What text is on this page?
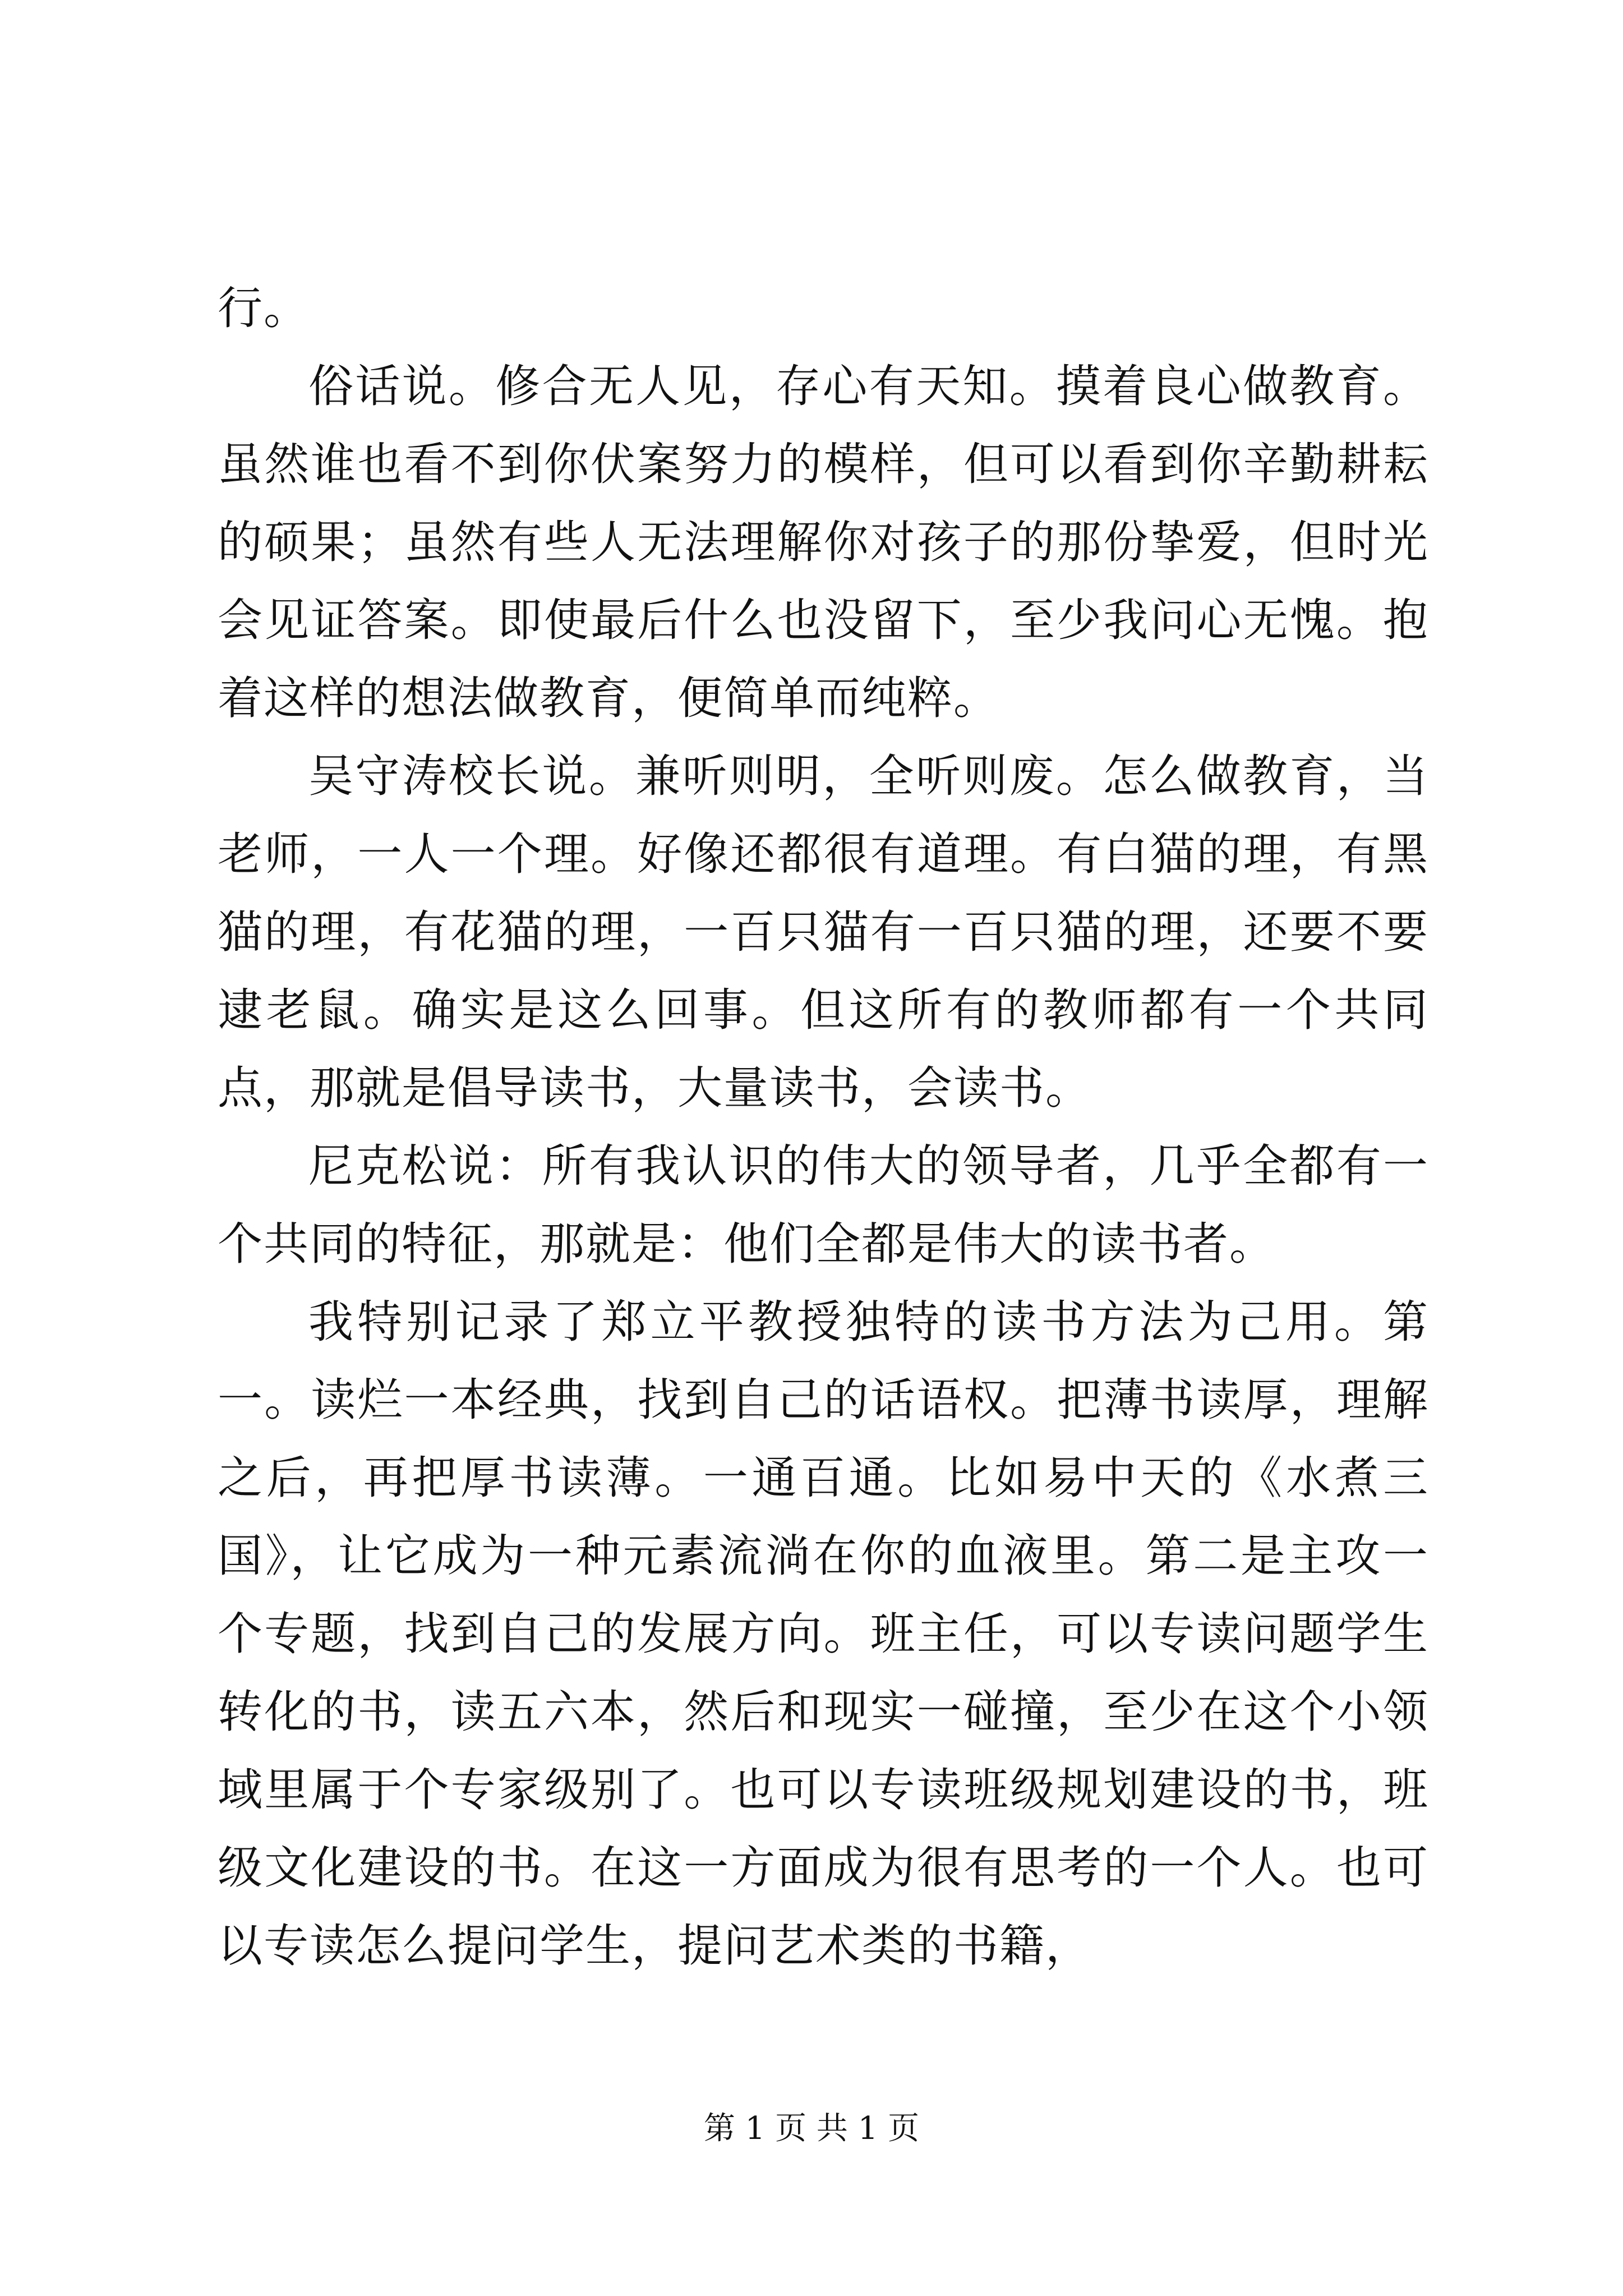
行。

俗话说。修合无人见，存心有天知。摸着良心做教育。虽然谁也看不到你伏案努力的模样，但可以看到你辛勤耕耘的硕果；虽然有些人无法理解你对孩子的那份挚爱，但时光会见证答案。即使最后什么也没留下，至少我问心无愧。抱着这样的想法做教育，便简单而纯粹。

吴守涛校长说。兼听则明，全听则废。怎么做教育，当老师，一人一个理。好像还都很有道理。有白猫的理，有黑猫的理，有花猫的理，一百只猫有一百只猫的理，还要不要逮老鼠。确实是这么回事。但这所有的教师都有一个共同点，那就是倡导读书，大量读书，会读书。

尼克松说：所有我认识的伟大的领导者，几乎全都有一个共同的特征，那就是：他们全都是伟大的读书者。

我特别记录了郑立平教授独特的读书方法为己用。第一。读烂一本经典，找到自己的话语权。把薄书读厚，理解之后，再把厚书读薄。一通百通。比如易中天的《水煮三国》，让它成为一种元素流淌在你的血液里。第二是主攻一个专题，找到自己的发展方向。班主任，可以专读问题学生转化的书，读五六本，然后和现实一碰撞，至少在这个小领域里属于个专家级别了。也可以专读班级规划建设的书，班级文化建设的书。在这一方面成为很有思考的一个人。也可以专读怎么提问学生，提问艺术类的书籍，

第 1 页 共 1 页
